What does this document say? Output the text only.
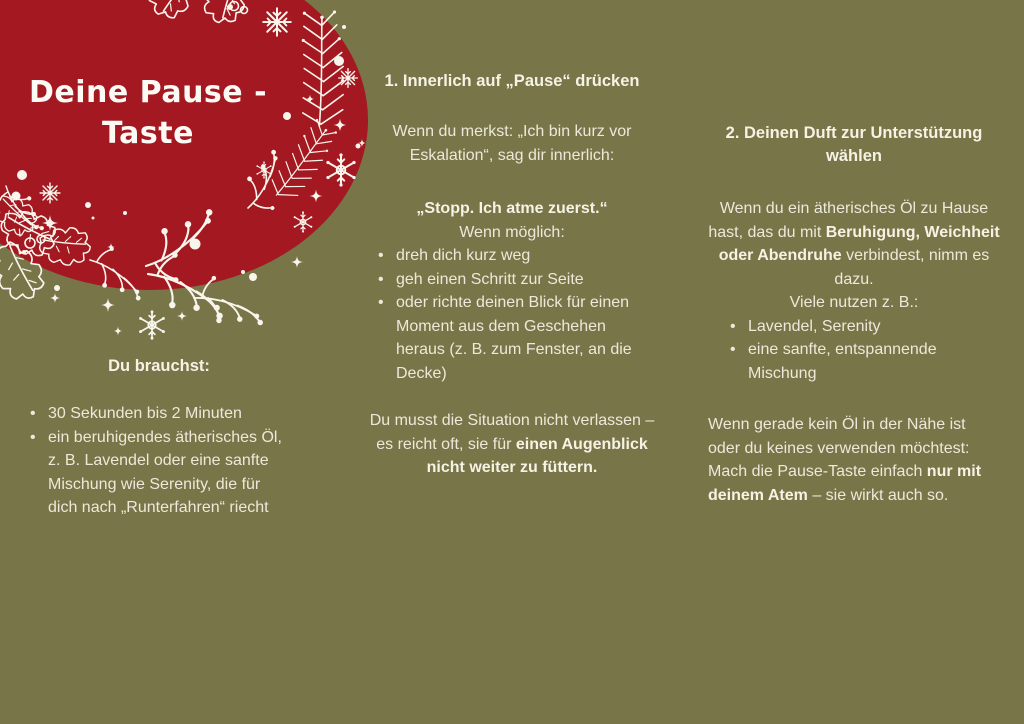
Deine Pause -
Taste
Du brauchst:
• 30 Sekunden bis 2 Minuten
• ein beruhigendes ätherisches Öl, z. B. Lavendel oder eine sanfte Mischung wie Serenity, die für dich nach „Runterfahren“ riecht
1. Innerlich auf „Pause“ drücken

Wenn du merkst: „Ich bin kurz vor Eskalation“, sag dir innerlich:

„Stopp. Ich atme zuerst.“

Wenn möglich:

• dreh dich kurz weg
• geh einen Schritt zur Seite
• oder richte deinen Blick für einen Moment aus dem Geschehen heraus (z. B. zum Fenster, an die Decke)

Du musst die Situation nicht verlassen – es reicht oft, sie für einen Augenblick nicht weiter zu füttern.

2. Deinen Duft zur Unterstützung wählen

Wenn du ein ätherisches Öl zu Hause hast, das du mit Beruhigung, Weichheit oder Abendruhe verbindest, nimm es dazu.

Viele nutzen z. B.:

• Lavendel, Serenity
• eine sanfte, entspannende Mischung

Wenn gerade kein Öl in der Nähe ist oder du keines verwenden möchtest: Mach die Pause-Taste einfach nur mit deinem Atem – sie wirkt auch so.
